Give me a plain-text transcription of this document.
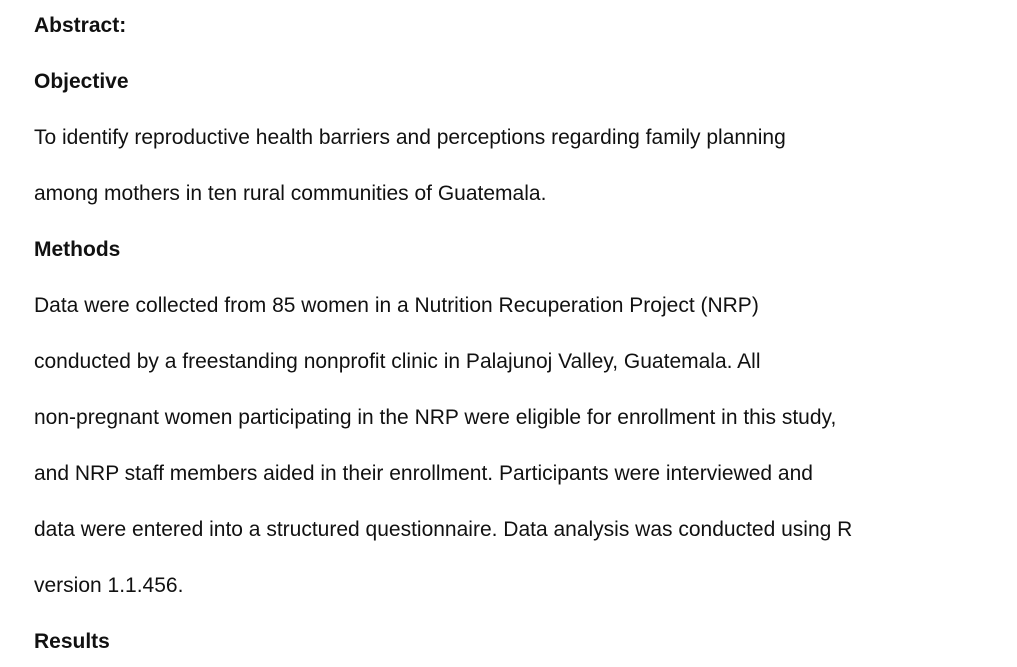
Abstract:
Objective
To identify reproductive health barriers and perceptions regarding family planning
among mothers in ten rural communities of Guatemala.
Methods
Data were collected from 85 women in a Nutrition Recuperation Project (NRP)
conducted by a freestanding nonprofit clinic in Palajunoj Valley, Guatemala. All
non-pregnant women participating in the NRP were eligible for enrollment in this study,
and NRP staff members aided in their enrollment. Participants were interviewed and
data were entered into a structured questionnaire. Data analysis was conducted using R
version 1.1.456.
Results
